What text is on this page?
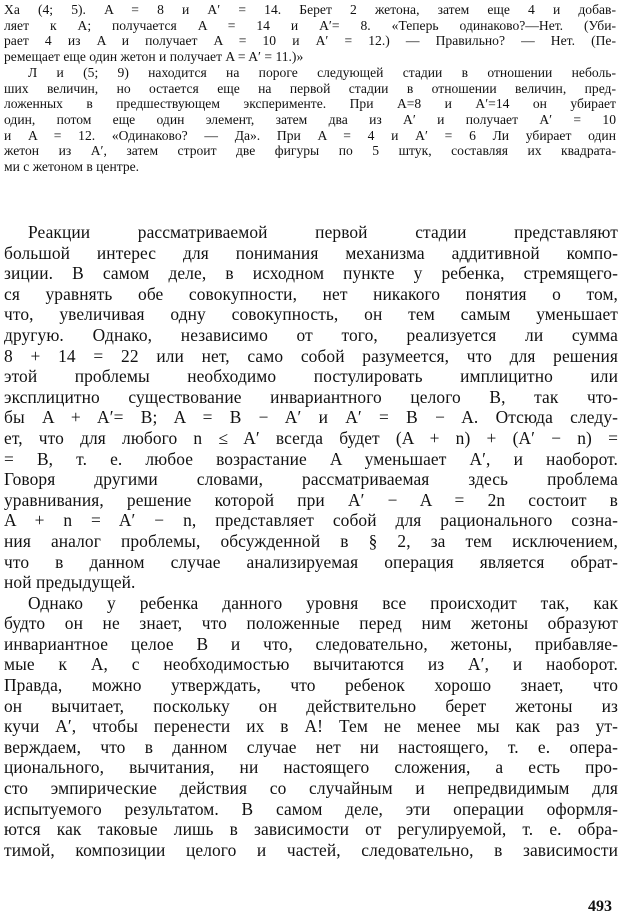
Ха (4; 5). A = 8 и A′ = 14. Берет 2 жетона, затем еще 4 и добав-
ляет к A; получается A = 14 и A′= 8. «Теперь одинаково?—Нет. (Уби-
рает 4 из A и получает A = 10 и A′ = 12.) — Правильно? — Нет. (Пе-
ремещает еще один жетон и получает A = A′ = 11.)»
Л и (5; 9) находится на пороге следующей стадии в отношении неболь-
ших величин, но остается еще на первой стадии в отношении величин, пред-
ложенных в предшествующем эксперименте. При A=8 и A′=14 он убирает
один, потом еще один элемент, затем два из A′ и получает A′ = 10
и A = 12. «Одинаково? — Да». При A = 4 и A′ = 6 Ли убирает один
жетон из A′, затем строит две фигуры по 5 штук, составляя их квадрата-
ми с жетоном в центре.
Реакции рассматриваемой первой стадии представляют
большой интерес для понимания механизма аддитивной компо-
зиции. В самом деле, в исходном пункте у ребенка, стремящего-
ся уравнять обе совокупности, нет никакого понятия о том,
что, увеличивая одну совокупность, он тем самым уменьшает
другую. Однако, независимо от того, реализуется ли сумма
8 + 14 = 22 или нет, само собой разумеется, что для решения
этой проблемы необходимо постулировать имплицитно или
эксплицитно существование инвариантного целого B, так что-
бы A + A′= B; A = B − A′ и A′ = B − A. Отсюда следу-
ет, что для любого n ≤ A′ всегда будет (A + n) + (A′ − n) =
= B, т. е. любое возрастание A уменьшает A′, и наоборот.
Говоря другими словами, рассматриваемая здесь проблема
уравнивания, решение которой при A′ − A = 2n состоит в
A + n = A′ − n, представляет собой для рационального созна-
ния аналог проблемы, обсужденной в § 2, за тем исключением,
что в данном случае анализируемая операция является обрат-
ной предыдущей.
Однако у ребенка данного уровня все происходит так, как
будто он не знает, что положенные перед ним жетоны образуют
инвариантное целое B и что, следовательно, жетоны, прибавляе-
мые к A, с необходимостью вычитаются из A′, и наоборот.
Правда, можно утверждать, что ребенок хорошо знает, что
он вычитает, поскольку он действительно берет жетоны из
кучи A′, чтобы перенести их в A! Тем не менее мы как раз ут-
верждаем, что в данном случае нет ни настоящего, т. е. опера-
ционального, вычитания, ни настоящего сложения, а есть про-
сто эмпирические действия со случайным и непредвидимым для
испытуемого результатом. В самом деле, эти операции оформля-
ются как таковые лишь в зависимости от регулируемой, т. е. обра-
тимой, композиции целого и частей, следовательно, в зависимости
493
